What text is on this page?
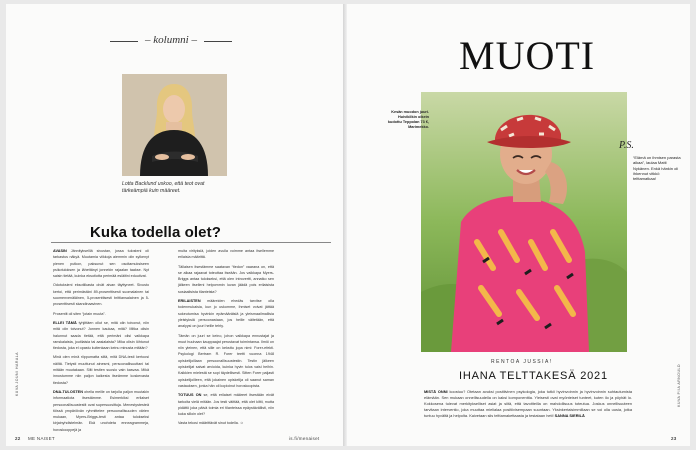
– kolumni –
Lotta Backlund uskoo, että teot ovat tärkeämpiä kuin määreet.
Kuka todella olet?

AVASIN Jännitykselllä sivustan, jossa tulosteni oli tarkastus näkyä. Muutamia viikkoja aiemmin olin sylkenyt pienen putkon, paksunut sen osoitamuksiseen psikotuloksen ja lähettänyt jonnekin rajaalan taakse. Nyt saisin tietää, kuinka eksotiotta perimää esiäitini eduutivat.

Odotuksieni eksotiikasta olvät aivan täyttyneet. Sivusto kertoi, että perimästäni 89-prosenttisesti suomalainen tai suomenvenäläinen, 5-prosenttisesti brittiansalainen ja 5-prosenttisesti skandinaavinen.

Prosentit oli siten “jotain muuta”.

ELLEI TÄMÄ tyhjittäen ollut se, mitä olin toivonut, niin mitä olin toivonut? Jonnen kaukaa, mitä? Mitka olisin halunnut saada tietää, että perimäni olisi vaikkapa ranskalaista, joutilaisia tai aasialaista? Mika olisin löhtunut tiedosta, joka el opastu kuitenkaan keinu minusta mitään?

Minä olen minä riippumatta siitä, mitä DNA-testi kertoosi näiltä. Tietysti muuttunut ainesmi, persoonallisuuttani tai mitään muutakaan. Silti testien suosio vain kasvaa. Mikä innostumme niin paljon kaikesta itseämme koskevasta tiedosta?

DNA-TULOSTEN ohella meille on tarjolla paljon muutakin informaatiota itsestämme. Esimerkiksi erilaiset persoonallisuustestit ovat supersuosittuja. Menestystesteä töissä ympäröivän ryhmittelee persoonallisuuden värien mukaan, Myers-Briggs-testi antaa tulokseksi kirjainyhdistelmän. Ekä unohdeta enneagrammeja, horoskooppejä ja

muita virityksiä, joiden avulla voimme antaa itsellemme erilaisia määrittä.

Tällaisen itsestämme saatavan “tiedon” vaarana on, että se alkaa rajaavat toteuttaa itseään. Jos vaikkapa Myers-Briggs antaa tulokseksi, että olen introvertti, annatko sen jälkeen itselleni helpommin luvan jäädä pois erilaisista sosiaalisista tilanteista?

ERILAISTEN määreiden ehedäs tarvitse olla todenmukaisia, kun jo uskomme, ihmiset voivat jättää sokeutumisa hyvinkin epämääräisiä ja yleismaailmallisia yleistyksiä persoonastaan, jos heille väitetään, että analyysi on juuri heille tehty.

Tämän on juuri se keino, johon vaikkapa ennustajat ja muut huuhaan kauppaajat perustavat toimintansa. Ilmiö on niin yleinen, että sille on keksttu jopa nimi: Forer-efekti. Psykologi Bertram R. Forer teetti vuonna 1948 opiskelijoillaan persoonallisuustestin. Testin jälkeen opiskelijat saivat arvioida, kuinka hyvin tulos vaisi heihin. Kaikkien mielestä se sopi täydellisesti. Sitten Forer paljasti opiskelijoilleen, että jokainen opiskelija oli saanut saman vastauksen, jonka hän oli kopioinut horoskoopista.

TOTUUS ON se, että erilaiset määreet itsestään eivät tarkoita vielä mitään. Jos testi väittää, että olet kiltti, mutta pidättö joka päivä toimia eri tilanteissa epäystävällisti, niin kuka silloin olet?

Vasta tekosi määrittävät sinut todella. ☺

KUVA JOUNI HARALA
22 ME NAISET	is.fi/menaiset
MUOTI
Kesän muodon juuri. Huivikilkin oikein kudottu Teppolan 73 €, Marimekko.
P.S.
“Elämä on ihmisen parasta aikaa”, laulaa Matti Nykänen. Enkä hänkin oli ihkennut vitkkö telttamatkaa!
KUVA PIIA ARNOULD
RENTOA JUSSIA!
IHANA TELTTAKESÄ 2021
MISTÄ ONNI koostuu? Otetaan avuksi positiivinen psykologia, joka tutkii hyvinvoinnin ja hyvinvoinnin suhtautumista elämään. Sen mukaan onnellisuudella on kaksi komponenttia. Yleisesti ovat myönteiset tunteet, kuten ilo ja pöyhät lo. Kokkosena tulevat merkitykselliset asiat ja siitä, että tavoitteilla on mahdollisuus toteutua. Joskus onnellisuuteen tarvitaan interventio, joka muuttaa mielialaa positiivisempaan suuntaan. Yksinkertaisimmillaan se voi olla uusia, jotka tuntuu hyvältä ja helpolta. Kaivetaan siis telttamakettaasta ja testataan heti! SANNA SIERILÄ
23
